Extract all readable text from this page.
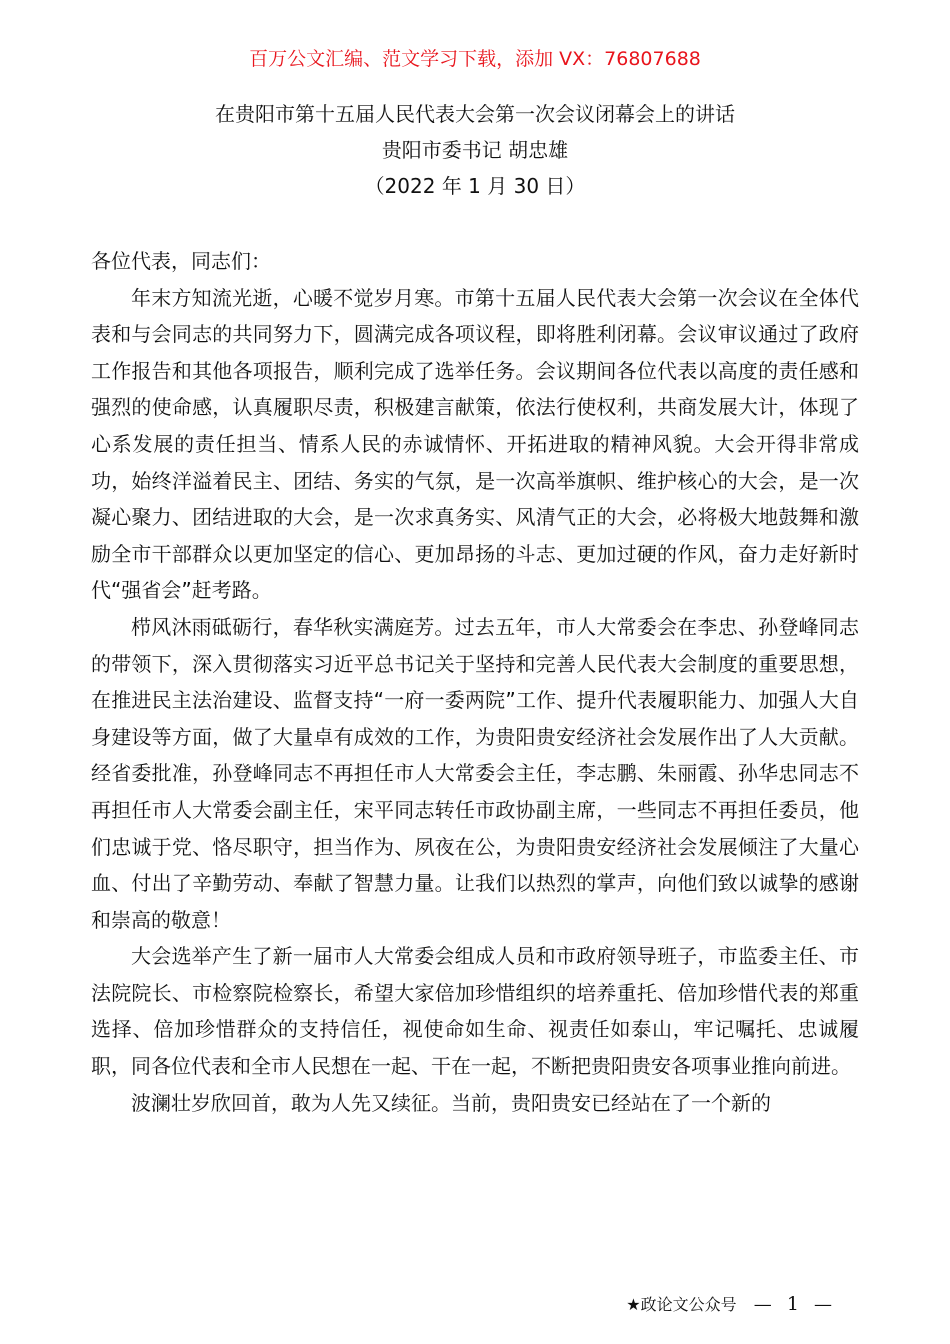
百万公文汇编、范文学习下载，添加 VX：76807688
在贵阳市第十五届人民代表大会第一次会议闭幕会上的讲话
贵阳市委书记 胡忠雄
（2022 年 1 月 30 日）

各位代表，同志们：

年末方知流光逝，心暖不觉岁月寒。市第十五届人民代表大会第一次会议在全体代表和与会同志的共同努力下，圆满完成各项议程，即将胜利闭幕。会议审议通过了政府工作报告和其他各项报告，顺利完成了选举任务。会议期间各位代表以高度的责任感和强烈的使命感，认真履职尽责，积极建言献策，依法行使权利，共商发展大计，体现了心系发展的责任担当、情系人民的赤诚情怀、开拓进取的精神风貌。大会开得非常成功，始终洋溢着民主、团结、务实的气氛，是一次高举旗帜、维护核心的大会，是一次凝心聚力、团结进取的大会，是一次求真务实、风清气正的大会，必将极大地鼓舞和激励全市干部群众以更加坚定的信心、更加昂扬的斗志、更加过硬的作风，奋力走好新时代“强省会”赶考路。

栉风沐雨砥砺行，春华秋实满庭芳。过去五年，市人大常委会在李忠、孙登峰同志的带领下，深入贯彻落实习近平总书记关于坚持和完善人民代表大会制度的重要思想，在推进民主法治建设、监督支持“一府一委两院”工作、提升代表履职能力、加强人大自身建设等方面，做了大量卓有成效的工作，为贵阳贵安经济社会发展作出了人大贡献。经省委批准，孙登峰同志不再担任市人大常委会主任，李志鹏、朱丽霞、孙华忠同志不再担任市人大常委会副主任，宋平同志转任市政协副主席，一些同志不再担任委员，他们忠诚于党、恪尽职守，担当作为、夙夜在公，为贵阳贵安经济社会发展倾注了大量心血、付出了辛勤劳动、奉献了智慧力量。让我们以热烈的掌声，向他们致以诚挚的感谢和崇高的敬意！

大会选举产生了新一届市人大常委会组成人员和市政府领导班子，市监委主任、市法院院长、市检察院检察长，希望大家倍加珍惜组织的培养重托、倍加珍惜代表的郑重选择、倍加珍惜群众的支持信任，视使命如生命、视责任如泰山，牢记嘱托、忠诚履职，同各位代表和全市人民想在一起、干在一起，不断把贵阳贵安各项事业推向前进。

波澜壮岁欣回首，敢为人先又续征。当前，贵阳贵安已经站在了一个新的

★政论文公众号 — 1 —
